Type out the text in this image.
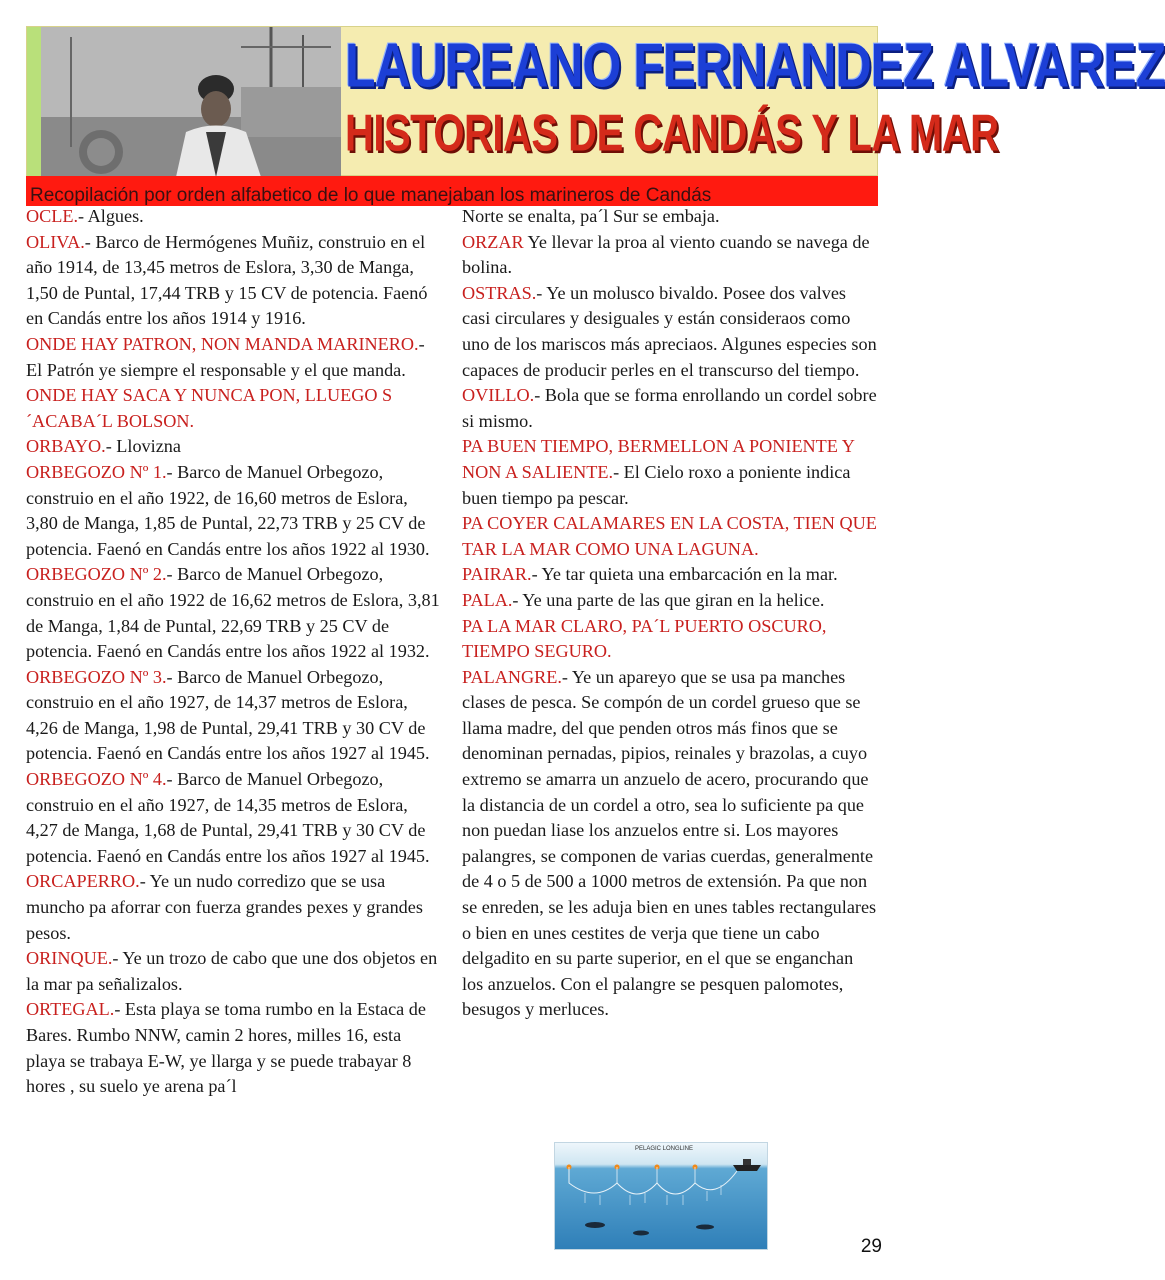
LAUREANO FERNANDEZ ALVAREZ
HISTORIAS DE CANDÁS Y LA MAR
Recopilación por orden alfabetico de lo que manejaban los marineros de Candás
OCLE.- Algues.
OLIVA.- Barco de Hermógenes Muñiz, construio en el año 1914, de 13,45 metros de Eslora, 3,30 de Manga, 1,50 de Puntal, 17,44 TRB y 15 CV de potencia. Faenó en Candás entre los años 1914 y 1916.
ONDE HAY PATRON, NON MANDA MARINERO.- El Patrón ye siempre el responsable y el que manda.
ONDE HAY SACA Y NUNCA PON, LLUEGO S´ACABA´L BOLSON.
ORBAYO.- Llovizna
ORBEGOZO Nº 1.- Barco de Manuel Orbegozo, construio en el año 1922, de 16,60 metros de Eslora, 3,80 de Manga, 1,85 de Puntal, 22,73 TRB y 25 CV de potencia. Faenó en Candás entre los años 1922 al 1930.
ORBEGOZO Nº 2.- Barco de Manuel Orbegozo, construio en el año 1922 de 16,62 metros de Eslora, 3,81 de Manga, 1,84 de Puntal, 22,69 TRB y 25 CV de potencia. Faenó en Candás entre los años 1922 al 1932.
ORBEGOZO Nº 3.- Barco de Manuel Orbegozo, construio en el año 1927, de 14,37 metros de Eslora, 4,26 de Manga, 1,98 de Puntal, 29,41 TRB y 30 CV de potencia. Faenó en Candás entre los años 1927 al 1945.
ORBEGOZO Nº 4.- Barco de Manuel Orbegozo, construio en el año 1927, de 14,35 metros de Eslora, 4,27 de Manga, 1,68 de Puntal, 29,41 TRB y 30 CV de potencia. Faenó en Candás entre los años 1927 al 1945.
ORCAPERRO.- Ye un nudo corredizo que se usa muncho pa aforrar con fuerza grandes pexes y grandes pesos.
ORINQUE.- Ye un trozo de cabo que une dos objetos en la mar pa señalizalos.
ORTEGAL.- Esta playa se toma rumbo en la Estaca de Bares. Rumbo NNW, camin 2 hores, milles 16, esta playa se trabaya E-W, ye llarga y se puede trabayar 8 hores , su suelo ye arena pa´l
Norte se enalta, pa´l Sur se embaja.
ORZAR Ye llevar la proa al viento cuando se navega de bolina.
OSTRAS.- Ye un molusco bivaldo. Posee dos valves casi circulares y desiguales y están consideraos como uno de los mariscos más apreciaos. Algunes especies son capaces de producir perles en el transcurso del tiempo.
OVILLO.- Bola que se forma enrollando un cordel sobre si mismo.
PA BUEN TIEMPO, BERMELLON A PONIENTE Y NON A SALIENTE.- El Cielo roxo a poniente indica buen tiempo pa pescar.
PA COYER CALAMARES EN LA COSTA, TIEN QUE TAR LA MAR COMO UNA LAGUNA.
PAIRAR.- Ye tar quieta una embarcación en la mar.
PALA.- Ye una parte de las que giran en la helice.
PA LA MAR CLARO, PA´L PUERTO OSCURO, TIEMPO SEGURO.
PALANGRE.- Ye un apareyo que se usa pa manches clases de pesca. Se compón de un cordel grueso que se llama madre, del que penden otros más finos que se denominan pernadas, pipios, reinales y brazolas, a cuyo extremo se amarra un anzuelo de acero, procurando que la distancia de un cordel a otro, sea lo suficiente pa que non puedan liase los anzuelos entre si. Los mayores palangres, se componen de varias cuerdas, generalmente de 4 o 5 de 500 a 1000 metros de extensión. Pa que non se enreden, se les aduja bien en unes tables rectangulares o bien en unes cestites de verja que tiene un cabo delgadito en su parte superior, en el que se enganchan los anzuelos. Con el palangre se pesquen palomotes, besugos y merluces.
PELAGIC LONGLINE
29
